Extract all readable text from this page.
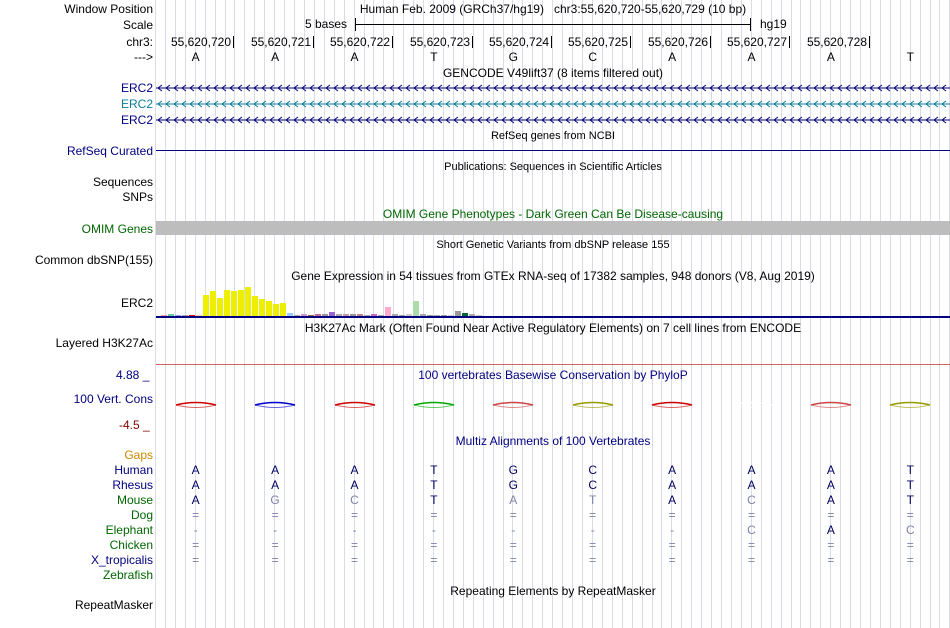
Window Position	Human Feb. 2009 (GRCh37/hg19)   chr3:55,620,720-55,620,729 (10 bp)
Scale	5 bases	hg19
chr3:	55,620,720	55,620,721	55,620,722	55,620,723	55,620,724	55,620,725	55,620,726	55,620,727	55,620,728
--->	A	A	A	T	G	C	A	A	A	T
GENCODE V49lift37 (8 items filtered out)
ERC2
ERC2
ERC2
RefSeq genes from NCBI
RefSeq Curated
Publications: Sequences in Scientific Articles
Sequences
SNPs
OMIM Gene Phenotypes - Dark Green Can Be Disease-causing
OMIM Genes
Short Genetic Variants from dbSNP release 155
Common dbSNP(155)
Gene Expression in 54 tissues from GTEx RNA-seq of 17382 samples, 948 donors (V8, Aug 2019)
ERC2
H3K27Ac Mark (Often Found Near Active Regulatory Elements) on 7 cell lines from ENCODE
Layered H3K27Ac
100 vertebrates Basewise Conservation by PhyloP
4.88 _
100 Vert. Cons
-4.5 _
Multiz Alignments of 100 Vertebrates
Gaps
Human	A	A	A	T	G	C	A	A	A	T
Rhesus	A	A	A	T	G	C	A	A	A	T
Mouse	A	G	C	T	A	T	A	C	A	T
Dog	=	=	=	=	=	=	=	=	=	=
Elephant	-	-	-	-	-	-	-	C	A	C
Chicken	=	=	=	=	=	=	=	=	=	=
X_tropicalis	=	=	=	=	=	=	=	=	=	=
Zebrafish
Repeating Elements by RepeatMasker
RepeatMasker
